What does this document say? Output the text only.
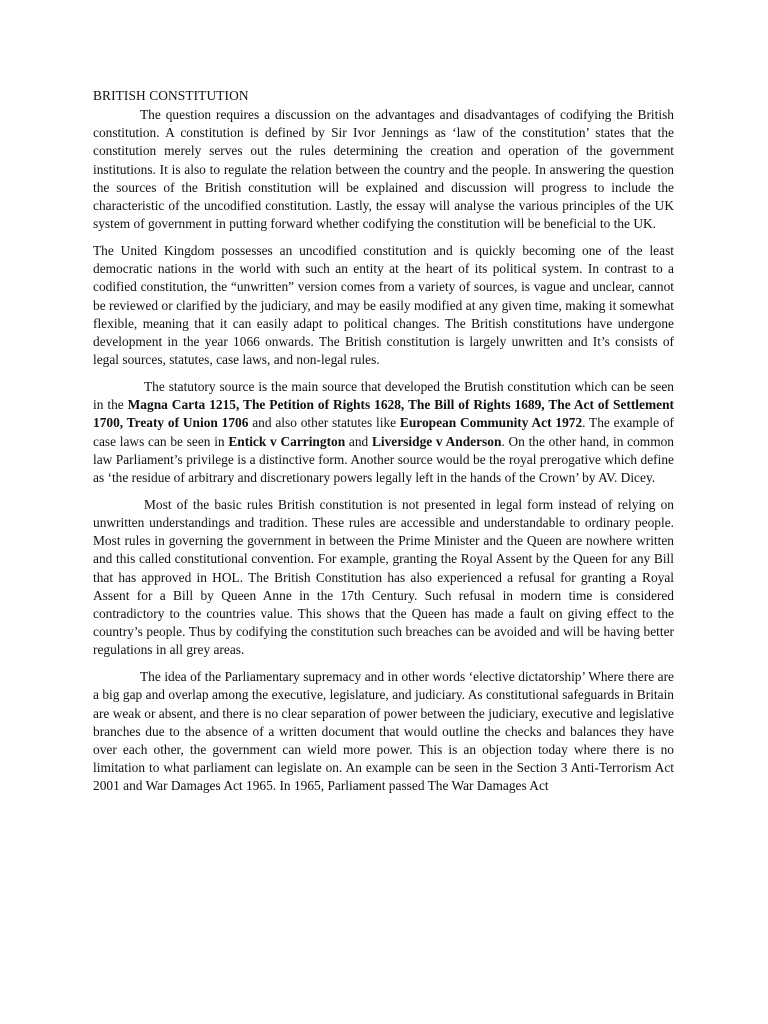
BRITISH CONSTITUTION

The question requires a discussion on the advantages and disadvantages of codifying the British constitution. A constitution is defined by Sir Ivor Jennings as ‘law of the constitution’ states that the constitution merely serves out the rules determining the creation and operation of the government institutions. It is also to regulate the relation between the country and the people. In answering the question the sources of the British constitution will be explained and discussion will progress to include the characteristic of the uncodified constitution. Lastly, the essay will analyse the various principles of the UK system of government in putting forward whether codifying the constitution will be beneficial to the UK.

The United Kingdom possesses an uncodified constitution and is quickly becoming one of the least democratic nations in the world with such an entity at the heart of its political system. In contrast to a codified constitution, the “unwritten” version comes from a variety of sources, is vague and unclear, cannot be reviewed or clarified by the judiciary, and may be easily modified at any given time, making it somewhat flexible, meaning that it can easily adapt to political changes. The British constitutions have undergone development in the year 1066 onwards. The British constitution is largely unwritten and It’s consists of legal sources, statutes, case laws, and non-legal rules.

The statutory source is the main source that developed the Brutish constitution which can be seen in the Magna Carta 1215, The Petition of Rights 1628, The Bill of Rights 1689, The Act of Settlement 1700, Treaty of Union 1706 and also other statutes like European Community Act 1972. The example of case laws can be seen in Entick v Carrington and Liversidge v Anderson. On the other hand, in common law Parliament’s privilege is a distinctive form. Another source would be the royal prerogative which define as ‘the residue of arbitrary and discretionary powers legally left in the hands of the Crown’ by AV. Dicey.

Most of the basic rules British constitution is not presented in legal form instead of relying on unwritten understandings and tradition. These rules are accessible and understandable to ordinary people. Most rules in governing the government in between the Prime Minister and the Queen are nowhere written and this called constitutional convention. For example, granting the Royal Assent by the Queen for any Bill that has approved in HOL. The British Constitution has also experienced a refusal for granting a Royal Assent for a Bill by Queen Anne in the 17th Century. Such refusal in modern time is considered contradictory to the countries value. This shows that the Queen has made a fault on giving effect to the country’s people. Thus by codifying the constitution such breaches can be avoided and will be having better regulations in all grey areas.

The idea of the Parliamentary supremacy and in other words ‘elective dictatorship’ Where there are a big gap and overlap among the executive, legislature, and judiciary. As constitutional safeguards in Britain are weak or absent, and there is no clear separation of power between the judiciary, executive and legislative branches due to the absence of a written document that would outline the checks and balances they have over each other, the government can wield more power. This is an objection today where there is no limitation to what parliament can legislate on. An example can be seen in the Section 3 Anti-Terrorism Act 2001 and War Damages Act 1965. In 1965, Parliament passed The War Damages Act
